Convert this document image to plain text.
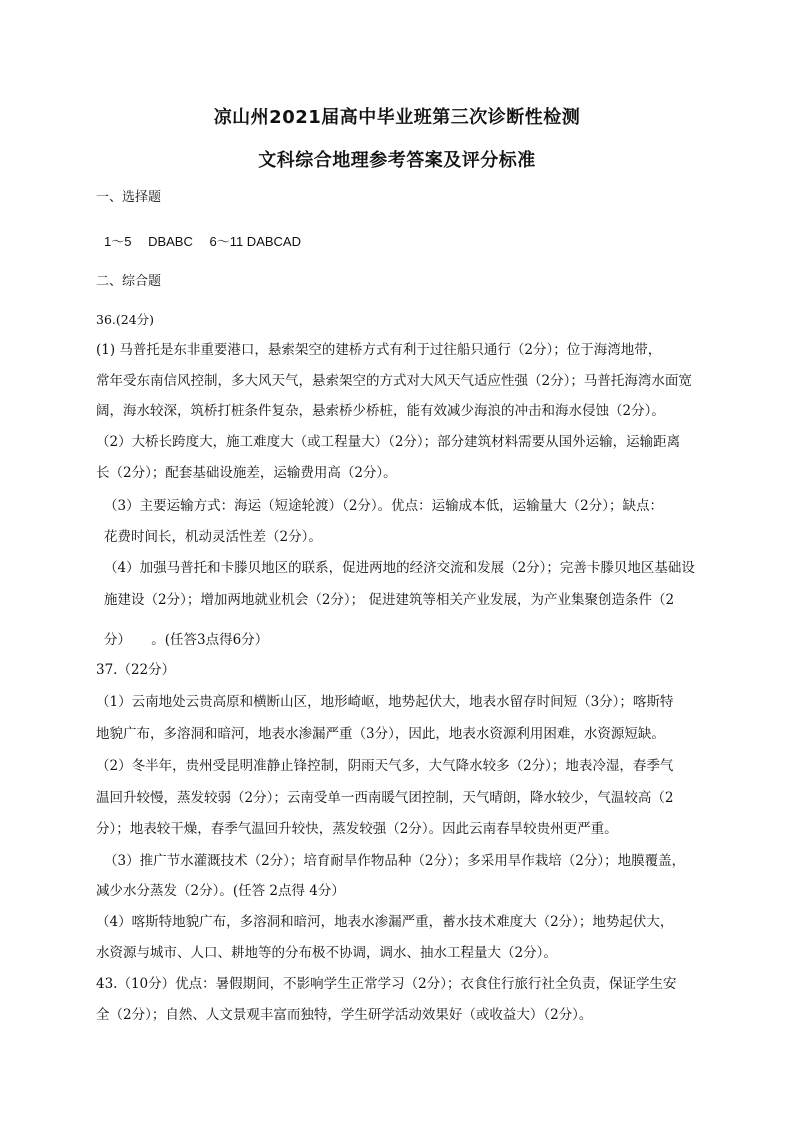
凉山州2021届高中毕业班第三次诊断性检测
文科综合地理参考答案及评分标准
一、选择题
1～5　 DBABC　 6～11 DABCAD
二、综合题
36.(24分)
(1) 马普托是东非重要港口，悬索架空的建桥方式有利于过往船只通行（2分）；位于海湾地带，
常年受东南信风控制，多大风天气，悬索架空的方式对大风天气适应性强（2分）；马普托海湾水面宽
阔，海水较深，筑桥打桩条件复杂，悬索桥少桥桩，能有效减少海浪的冲击和海水侵蚀（2分）。
（2）大桥长跨度大，施工难度大（或工程量大）（2分）；部分建筑材料需要从国外运输，运输距离
长（2分）；配套基础设施差，运输费用高（2分）。
（3）主要运输方式：海运（短途轮渡）（2分）。优点：运输成本低，运输量大（2分）；缺点：
花费时间长，机动灵活性差（2分）。
（4）加强马普托和卡滕贝地区的联系，促进两地的经济交流和发展（2分）；完善卡滕贝地区基础设
施建设（2分）；增加两地就业机会（2分）； 促进建筑等相关产业发展，为产业集聚创造条件（2
分）　　。(任答3点得6分）
37.（22分）
（1）云南地处云贵高原和横断山区，地形崎岖，地势起伏大，地表水留存时间短（3分）；喀斯特
地貌广布，多溶洞和暗河，地表水渗漏严重（3分），因此，地表水资源利用困难，水资源短缺。
（2）冬半年，贵州受昆明准静止锋控制，阴雨天气多，大气降水较多（2分）；地表冷湿，春季气
温回升较慢，蒸发较弱（2分）；云南受单一西南暖气团控制，天气晴朗，降水较少，气温较高（2
分）；地表较干燥，春季气温回升较快，蒸发较强（2分）。因此云南春旱较贵州更严重。
（3）推广节水灌溉技术（2分）；培育耐旱作物品种（2分）；多采用旱作栽培（2分）；地膜覆盖，
减少水分蒸发（2分）。(任答 2点得 4分）
（4）喀斯特地貌广布，多溶洞和暗河，地表水渗漏严重，蓄水技术难度大（2分）；地势起伏大，
水资源与城市、人口、耕地等的分布极不协调，调水、抽水工程量大（2分）。
43.（10分）优点：暑假期间，不影响学生正常学习（2分）；衣食住行旅行社全负责，保证学生安
全（2分）；自然、人文景观丰富而独特，学生研学活动效果好（或收益大）（2分）。
